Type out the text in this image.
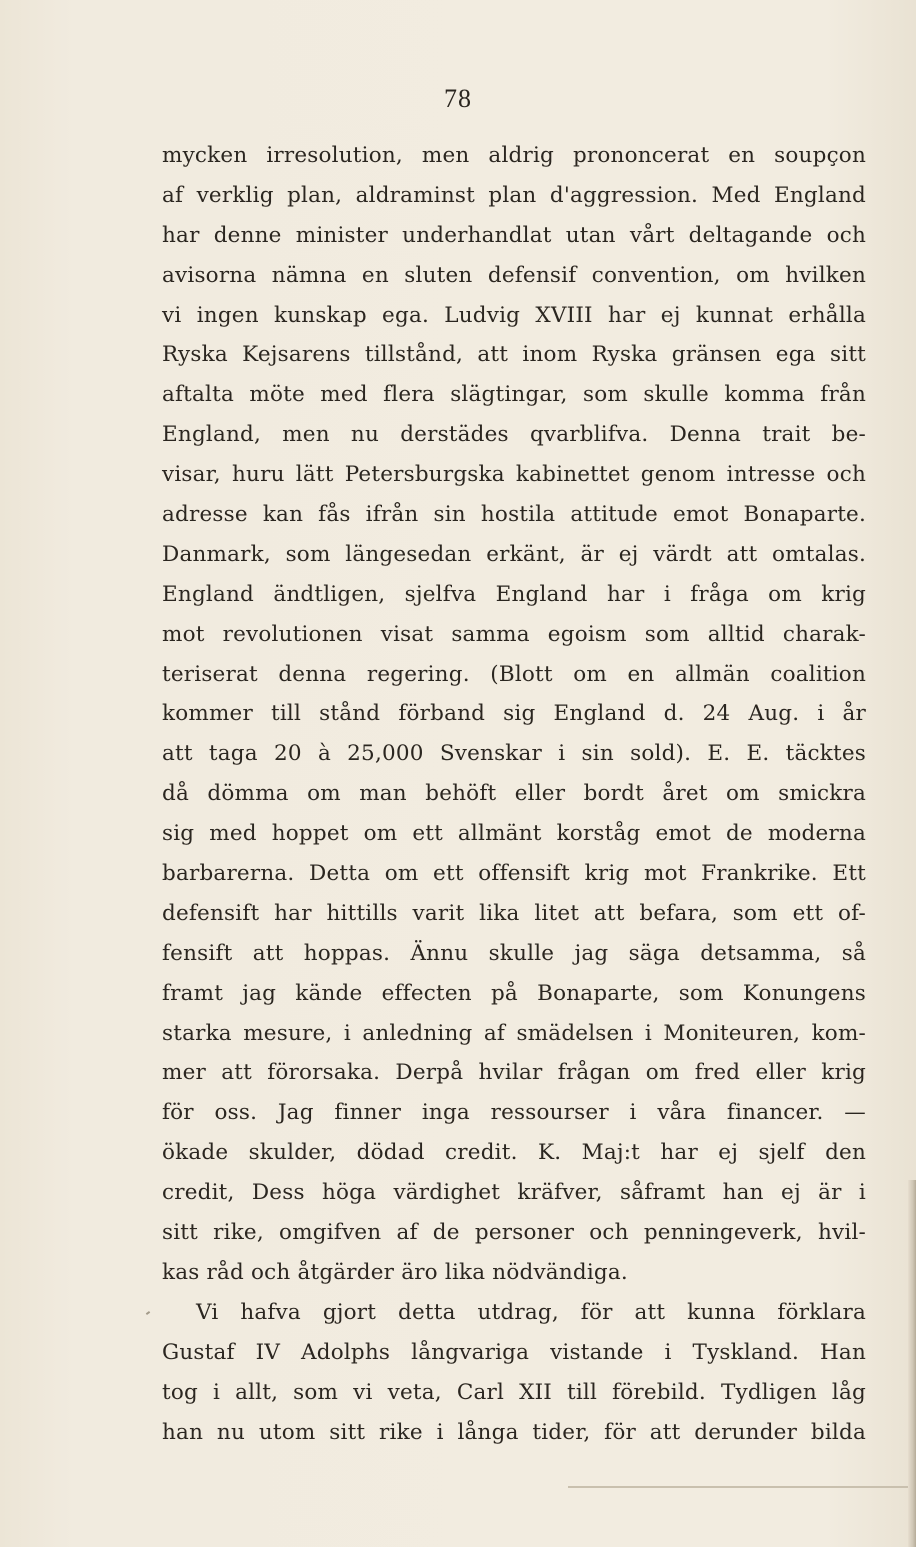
78
mycken irresolution, men aldrig prononcerat en soupçon
af verklig plan, aldraminst plan d'aggression. Med England
har denne minister underhandlat utan vårt deltagande och
avisorna nämna en sluten defensif convention, om hvilken
vi ingen kunskap ega. Ludvig XVIII har ej kunnat erhålla
Ryska Kejsarens tillstånd, att inom Ryska gränsen ega sitt
aftalta möte med flera slägtingar, som skulle komma från
England, men nu derstädes qvarblifva. Denna trait be-
visar, huru lätt Petersburgska kabinettet genom intresse och
adresse kan fås ifrån sin hostila attitude emot Bonaparte.
Danmark, som längesedan erkänt, är ej värdt att omtalas.
England ändtligen, sjelfva England har i fråga om krig
mot revolutionen visat samma egoism som alltid charak-
teriserat denna regering. (Blott om en allmän coalition
kommer till stånd förband sig England d. 24 Aug. i år
att taga 20 à 25,000 Svenskar i sin sold). E. E. täcktes
då dömma om man behöft eller bordt året om smickra
sig med hoppet om ett allmänt korståg emot de moderna
barbarerna. Detta om ett offensift krig mot Frankrike. Ett
defensift har hittills varit lika litet att befara, som ett of-
fensift att hoppas. Ännu skulle jag säga detsamma, så
framt jag kände effecten på Bonaparte, som Konungens
starka mesure, i anledning af smädelsen i Moniteuren, kom-
mer att förorsaka. Derpå hvilar frågan om fred eller krig
för oss. Jag finner inga ressourser i våra financer. —
ökade skulder, dödad credit. K. Maj:t har ej sjelf den
credit, Dess höga värdighet kräfver, såframt han ej är i
sitt rike, omgifven af de personer och penningeverk, hvil-
kas råd och åtgärder äro lika nödvändiga.
Vi hafva gjort detta utdrag, för att kunna förklara
Gustaf IV Adolphs långvariga vistande i Tyskland. Han
tog i allt, som vi veta, Carl XII till förebild. Tydligen låg
han nu utom sitt rike i långa tider, för att derunder bilda
